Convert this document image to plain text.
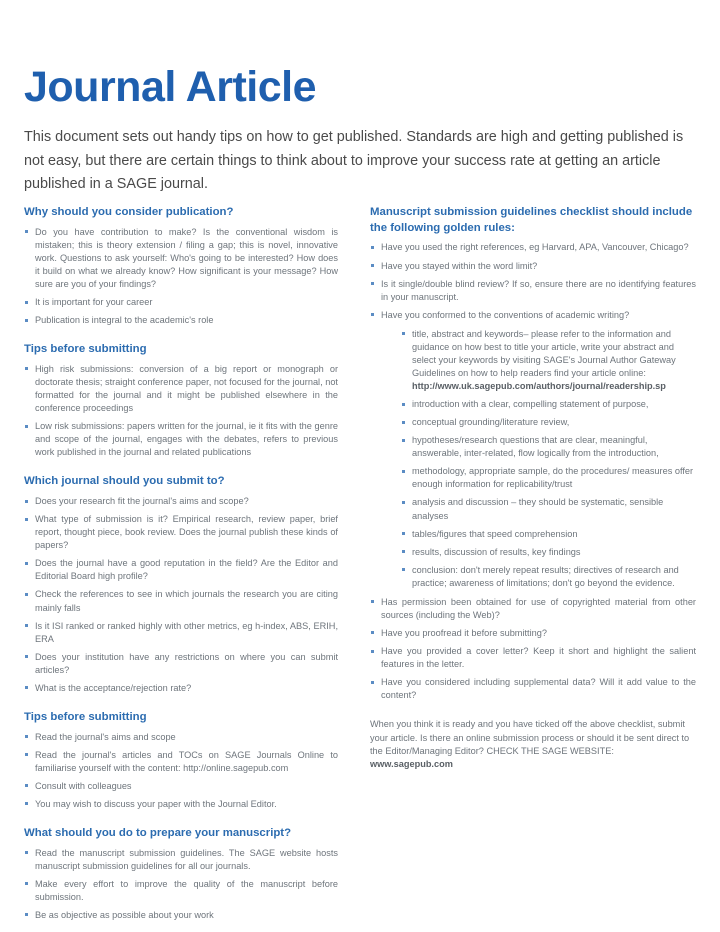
Journal Article

This document sets out handy tips on how to get published. Standards are high and getting published is not easy, but there are certain things to think about to improve your success rate at getting an article published in a SAGE journal.

Why should you consider publication?
Do you have contribution to make? Is the conventional wisdom is mistaken; this is theory extension / filing a gap; this is novel, innovative work. Questions to ask yourself: Who's going to be interested? How does it build on what we already know? How significant is your message? How sure are you of your findings?
It is important for your career
Publication is integral to the academic's role
Tips before submitting
High risk submissions: conversion of a big report or monograph or doctorate thesis; straight conference paper, not focused for the journal, not formatted for the journal and it might be published elsewhere in the conference proceedings
Low risk submissions: papers written for the journal, ie it fits with the genre and scope of the journal, engages with the debates, refers to previous work published in the journal and related publications
Which journal should you submit to?
Does your research fit the journal's aims and scope?
What type of submission is it? Empirical research, review paper, brief report, thought piece, book review. Does the journal publish these kinds of papers?
Does the journal have a good reputation in the field? Are the Editor and Editorial Board high profile?
Check the references to see in which journals the research you are citing mainly falls
Is it ISI ranked or ranked highly with other metrics, eg h-index, ABS, ERIH, ERA
Does your institution have any restrictions on where you can submit articles?
What is the acceptance/rejection rate?
Tips before submitting
Read the journal's aims and scope
Read the journal's articles and TOCs on SAGE Journals Online to familiarise yourself with the content: http://online.sagepub.com
Consult with colleagues
You may wish to discuss your paper with the Journal Editor.
What should you do to prepare your manuscript?
Read the manuscript submission guidelines. The SAGE website hosts manuscript submission guidelines for all our journals.
Make every effort to improve the quality of the manuscript before submission.
Be as objective as possible about your work
Manuscript submission guidelines checklist should include the following golden rules:
Have you used the right references, eg Harvard, APA, Vancouver, Chicago?
Have you stayed within the word limit?
Is it single/double blind review? If so, ensure there are no identifying features in your manuscript.
Have you conformed to the conventions of academic writing?
title, abstract and keywords– please refer to the information and guidance on how best to title your article, write your abstract and select your keywords by visiting SAGE's Journal Author Gateway Guidelines on how to help readers find your article online: http://www.uk.sagepub.com/authors/journal/readership.sp
introduction with a clear, compelling statement of purpose,
conceptual grounding/literature review,
hypotheses/research questions that are clear, meaningful, answerable, inter-related, flow logically from the introduction,
methodology, appropriate sample, do the procedures/ measures offer enough information for replicability/trust
analysis and discussion – they should be systematic, sensible analyses
tables/figures that speed comprehension
results, discussion of results, key findings
conclusion: don't merely repeat results; directives of research and practice; awareness of limitations; don't go beyond the evidence.
Has permission been obtained for use of copyrighted material from other sources (including the Web)?
Have you proofread it before submitting?
Have you provided a cover letter? Keep it short and highlight the salient features in the letter.
Have you considered including supplemental data? Will it add value to the content?

When you think it is ready and you have ticked off the above checklist, submit your article. Is there an online submission process or should it be sent direct to the Editor/Managing Editor? CHECK THE SAGE WEBSITE:
www.sagepub.com
